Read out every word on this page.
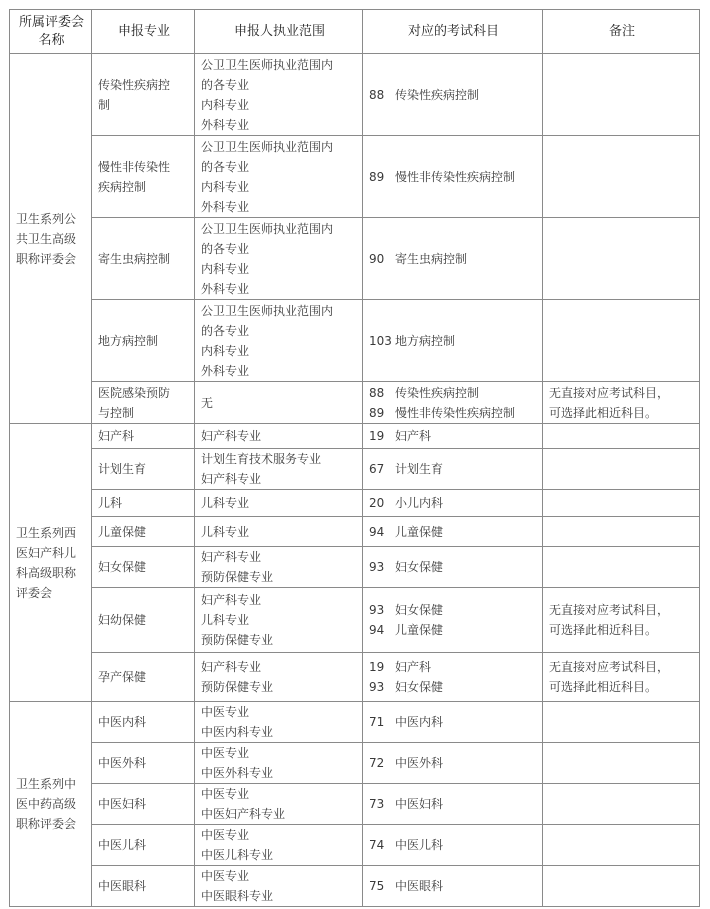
所属评委会名称	申报专业	申报人执业范围	对应的考试科目	备注

卫生系列公
共卫生高级
职称评委会	传染性疾病控
制	公卫卫生医师执业范围内
的各专业
内科专业
外科专业	88 传染性疾病控制	

	慢性非传染性
疾病控制	公卫卫生医师执业范围内
的各专业
内科专业
外科专业	89 慢性非传染性疾病控制	

	寄生虫病控制	公卫卫生医师执业范围内
的各专业
内科专业
外科专业	90 寄生虫病控制	

	地方病控制	公卫卫生医师执业范围内
的各专业
内科专业
外科专业	103 地方病控制	

	医院感染预防
与控制	无	88 传染性疾病控制
89 慢性非传染性疾病控制	无直接对应考试科目，
可选择此相近科目。

卫生系列西
医妇产科儿
科高级职称
评委会	妇产科	妇产科专业	19 妇产科	

	计划生育	计划生育技术服务专业
妇产科专业	67 计划生育	

	儿科	儿科专业	20 小儿内科	

	儿童保健	儿科专业	94 儿童保健	

	妇女保健	妇产科专业
预防保健专业	93 妇女保健	

	妇幼保健	妇产科专业
儿科专业
预防保健专业	93 妇女保健
94 儿童保健	无直接对应考试科目，
可选择此相近科目。

	孕产保健	妇产科专业
预防保健专业	19 妇产科
93 妇女保健	无直接对应考试科目，
可选择此相近科目。

卫生系列中
医中药高级
职称评委会	中医内科	中医专业
中医内科专业	71 中医内科	

	中医外科	中医专业
中医外科专业	72 中医外科	

	中医妇科	中医专业
中医妇产科专业	73 中医妇科	

	中医儿科	中医专业
中医儿科专业	74 中医儿科	

	中医眼科	中医专业
中医眼科专业	75 中医眼科	
